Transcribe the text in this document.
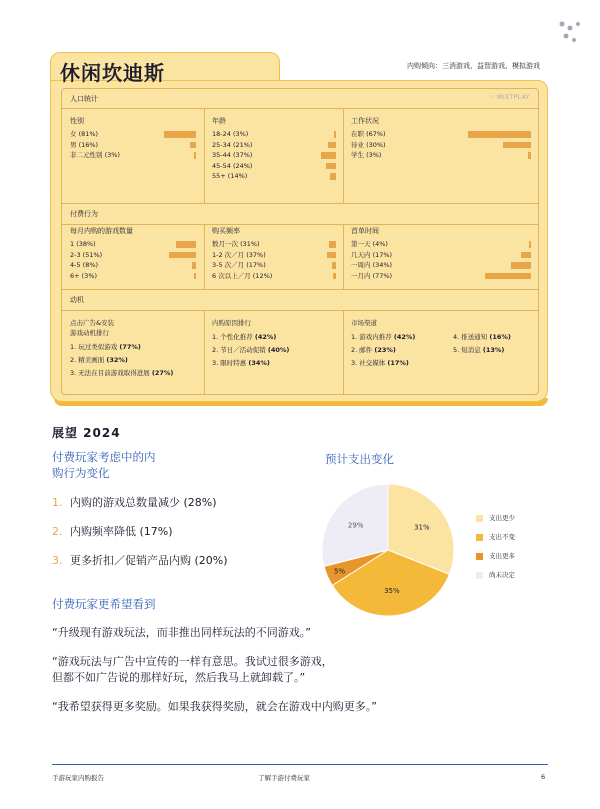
休闲坎迪斯	内购倾向：三消游戏、益智游戏、模拟游戏
人口统计	⁘ MISTPLAY
性别
女 (81%)
男 (16%)
非二元性别 (3%)
年龄
18-24 (3%)
25-34 (21%)
35-44 (37%)
45-54 (24%)
55+ (14%)
工作状况
在职 (67%)
待业 (30%)
学生 (3%)
付费行为
每月内购的游戏数量
1 (38%)
2-3 (51%)
4-5 (8%)
6+ (3%)
购买频率
数月一次 (31%)
1-2 次／月 (37%)
3-5 次／月 (17%)
6 次以上／月 (12%)
首单时间
第一天 (4%)
几天内 (17%)
一周内 (34%)
一月内 (77%)
动机
点击广告&安装
游戏动机排行
1. 玩过类似游戏 (77%)
2. 精美画面 (32%)
3. 无法在目前游戏取得进展 (27%)
内购原因排行
1. 个性化推荐 (42%)
2. 节日／活动促销 (40%)
3. 限时特惠 (34%)
市场渠道
1. 游戏内推荐 (42%)
2. 邮件 (23%)
3. 社交媒体 (17%)
4. 推送通知 (16%)
5. 短消息 (13%)
展望 2024
付费玩家考虑中的内
购行为变化
1. 内购的游戏总数量减少 (28%)
2. 内购频率降低 (17%)
3. 更多折扣／促销产品内购 (20%)
预计支出变化
31%
35%
5%
29%
支出更少
支出不变
支出更多
尚未决定
付费玩家更希望看到
“升级现有游戏玩法，而非推出同样玩法的不同游戏。”
“游戏玩法与广告中宣传的一样有意思。我试过很多游戏，
但都不如广告说的那样好玩，然后我马上就卸载了。”
“我希望获得更多奖励。如果我获得奖励，就会在游戏中内购更多。”
手游玩家内购报告	了解手游付费玩家	6
